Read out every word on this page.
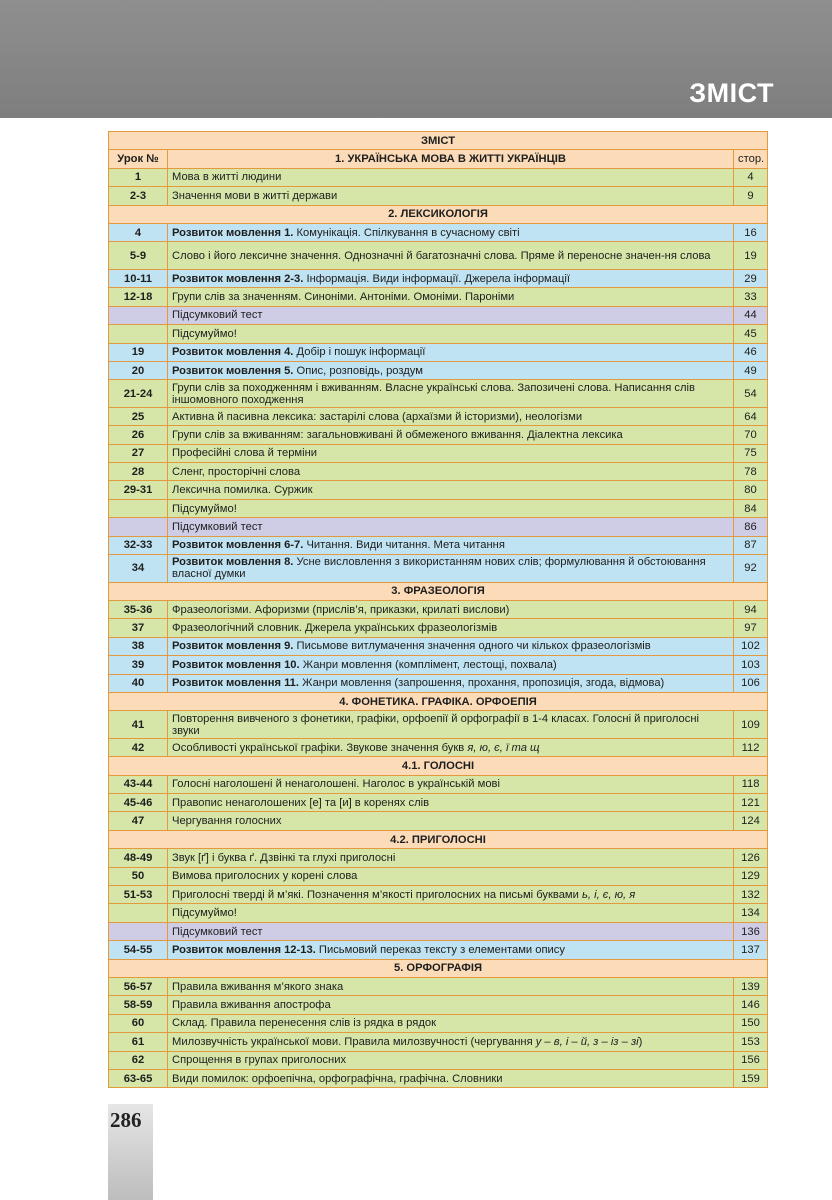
ЗМІСТ
ЗМІСТ		
Урок №	1. УКРАЇНСЬКА МОВА В ЖИТТІ УКРАЇНЦІВ	стор.
1	Мова в житті людини	4
2-3	Значення мови в житті держави	9
2. ЛЕКСИКОЛОГІЯ		
4	Розвиток мовлення 1. Комунікація. Спілкування в сучасному світі	16
5-9	Слово і його лексичне значення. Однозначні й багатозначні слова. Пряме й переносне значен-ня слова	19
10-11	Розвиток мовлення 2-3. Інформація. Види інформації. Джерела інформації	29
12-18	Групи слів за значенням. Синоніми. Антоніми. Омоніми. Пароніми	33
	Підсумковий тест	44
	Підсумуймо!	45
19	Розвиток мовлення 4. Добір і пошук інформації	46
20	Розвиток мовлення 5. Опис, розповідь, роздум	49
21-24	Групи слів за походженням і вживанням. Власне українські слова. Запозичені слова. Написання слів іншомовного походження	54
25	Активна й пасивна лексика: застарілі слова (архаїзми й історизми), неологізми	64
26	Групи слів за вживанням: загальновживані й обмеженого вживання. Діалектна лексика	70
27	Професійні слова й терміни	75
28	Сленг, просторічні слова	78
29-31	Лексична помилка. Суржик	80
	Підсумуймо!	84
	Підсумковий тест	86
32-33	Розвиток мовлення 6-7. Читання. Види читання. Мета читання	87
34	Розвиток мовлення 8. Усне висловлення з використанням нових слів; формулювання й обстоювання власної думки	92
3. ФРАЗЕОЛОГІЯ		
35-36	Фразеологізми. Афоризми (прислів’я, приказки, крилаті вислови)	94
37	Фразеологічний словник. Джерела українських фразеологізмів	97
38	Розвиток мовлення 9. Письмове витлумачення значення одного чи кількох фразеологізмів	102
39	Розвиток мовлення 10. Жанри мовлення (комплімент, лестощі, похвала)	103
40	Розвиток мовлення 11. Жанри мовлення (запрошення, прохання, пропозиція, згода, відмова)	106
4. ФОНЕТИКА. ГРАФІКА. ОРФОЕПІЯ		
41	Повторення вивченого з фонетики, графіки, орфоепії й орфографії в 1-4 класах. Голосні й приголосні звуки	109
42	Особливості української графіки. Звукове значення букв я, ю, є, ї та щ	112
4.1. ГОЛОСНІ		
43-44	Голосні наголошені й ненаголошені. Наголос в українській мові	118
45-46	Правопис ненаголошених [е] та [и] в коренях слів	121
47	Чергування голосних	124
4.2. ПРИГОЛОСНІ		
48-49	Звук [ґ] і буква ґ. Дзвінкі та глухі приголосні	126
50	Вимова приголосних у корені слова	129
51-53	Приголосні тверді й м’які. Позначення м’якості приголосних на письмі буквами ь, і, є, ю, я	132
	Підсумуймо!	134
	Підсумковий тест	136
54-55	Розвиток мовлення 12-13. Письмовий переказ тексту з елементами опису	137
5. ОРФОГРАФІЯ		
56-57	Правила вживання м’якого знака	139
58-59	Правила вживання апострофа	146
60	Склад. Правила перенесення слів із рядка в рядок	150
61	Милозвучність української мови. Правила милозвучності (чергування у – в, і – й, з – із – зі)	153
62	Спрощення в групах приголосних	156
63-65	Види помилок: орфоепічна, орфографічна, графічна. Словники	159
286
